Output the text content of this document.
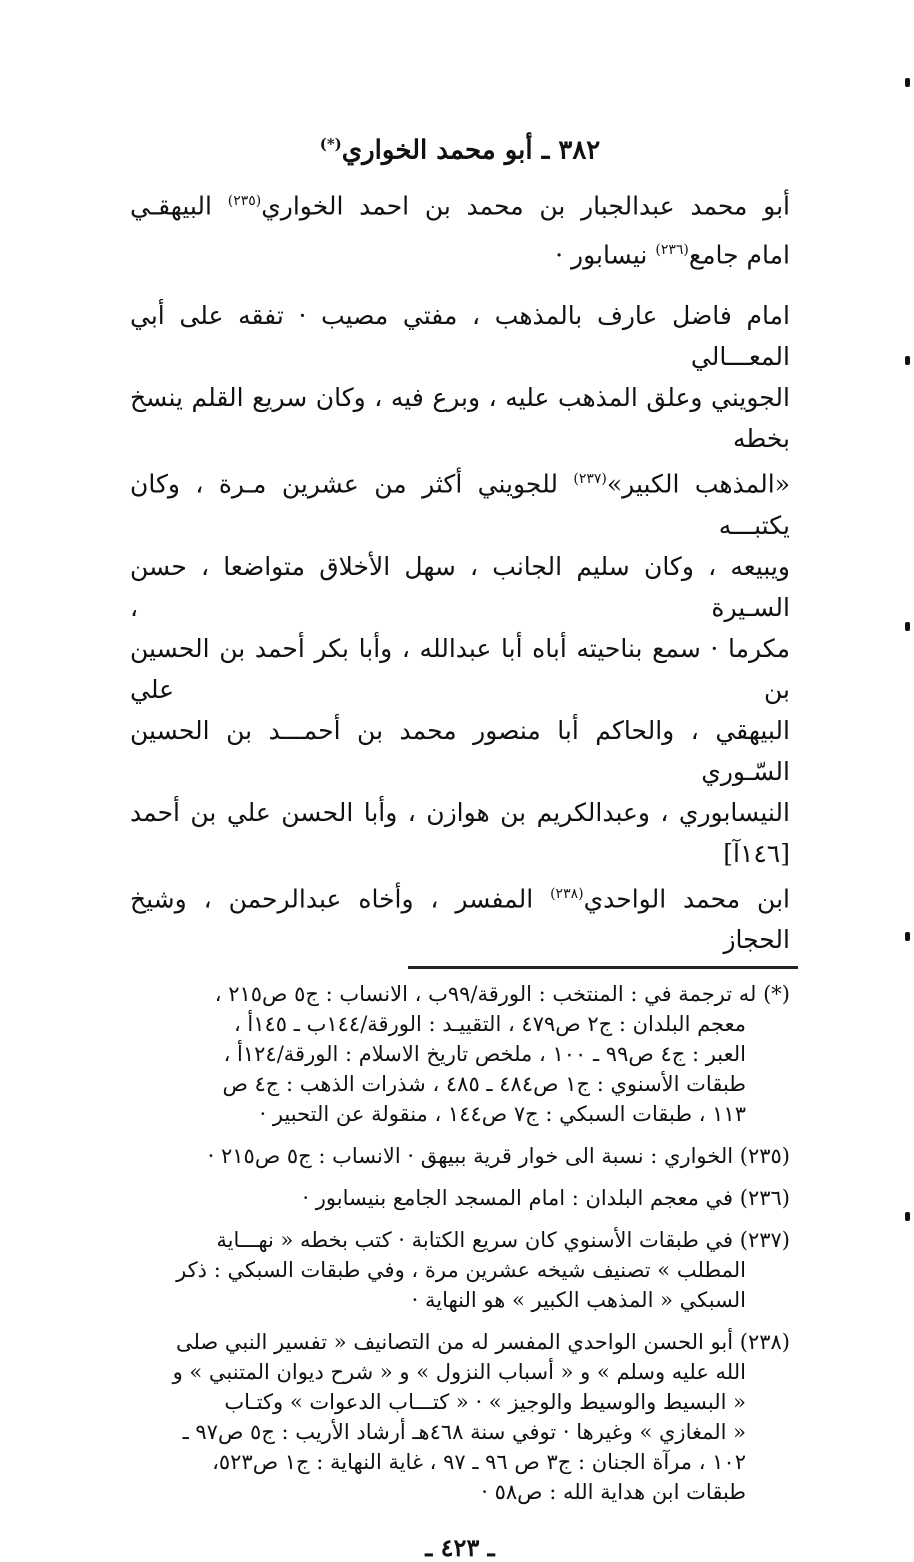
٣٨٢ ـ أبو محمد الخواري(*)
أبو محمد عبدالجبار بن محمد بن احمد الخواري$^{(٢٣٥)}$ البيهقـي
امام جامع$^{(٢٣٦)}$ نيسابور ·
امام فاضل عارف بالمذهب ، مفتي مصيب · تفقه على أبي المعـــالي
الجويني وعلق المذهب عليه ، وبرع فيه ، وكان سريع القلم ينسخ بخطه
«المذهب الكبير»$^{(٢٣٧)}$ للجويني أكثر من عشرين مـرة ، وكان يكتبـــه
ويبيعه ، وكان سليم الجانب ، سهل الأخلاق متواضعا ، حسن السـيرة ،
مكرما · سمع بناحيته أباه أبا عبدالله ، وأبا بكر أحمد بن الحسين بن علي
البيهقي ، والحاكم أبا منصور محمد بن أحمـــد بن الحسين السّـوري
النيسابوري ، وعبدالكريم بن هوازن ، وأبا الحسن علي بن أحمد [١٤٦آ]
ابن محمد الواحدي$^{(٢٣٨)}$ المفسر ، وأخاه عبدالرحمن ، وشيخ الحجاز
(*) له ترجمة في : المنتخب : الورقة/٩٩ب ، الانساب : ج٥ ص٢١٥ ،
معجم البلدان : ج٢ ص٤٧٩ ، التقييـد : الورقة/١٤٤ب ـ ١٤٥أ ،
العبر : ج٤ ص٩٩ ـ ١٠٠ ، ملخص تاريخ الاسلام : الورقة/١٢٤أ ،
طبقات الأسنوي : ج١ ص٤٨٤ ـ ٤٨٥ ، شذرات الذهب : ج٤ ص
١١٣ ، طبقات السبكي : ج٧ ص١٤٤ ، منقولة عن التحبير ·
(٢٣٥) الخواري : نسبة الى خوار قرية ببيهق · الانساب : ج٥ ص٢١٥ ·
(٢٣٦) في معجم البلدان : امام المسجد الجامع بنيسابور ·
(٢٣٧) في طبقات الأسنوي كان سريع الكتابة · كتب بخطه « نهـــاية
المطلب » تصنيف شيخه عشرين مرة ، وفي طبقات السبكي : ذكر
السبكي « المذهب الكبير » هو النهاية ·
(٢٣٨) أبو الحسن الواحدي المفسر له من التصانيف « تفسير النبي صلى
الله عليه وسلم » و « أسباب النزول » و « شرح ديوان المتنبي » و
« البسيط والوسيط والوجيز » · « كتـــاب الدعوات » وكتـاب
« المغازي » وغيرها · توفي سنة ٤٦٨هـ أرشاد الأريب : ج٥ ص٩٧ ـ
١٠٢ ، مرآة الجنان : ج٣ ص ٩٦ ـ ٩٧ ، غاية النهاية : ج١ ص٥٢٣،
طبقات ابن هداية الله : ص٥٨ ·
ـ ٤٢٣ ـ
